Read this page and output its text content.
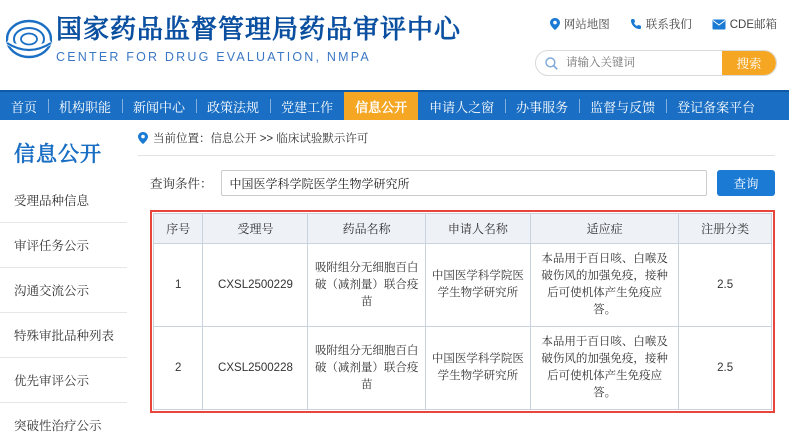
国家药品监督管理局药品审评中心
CENTER FOR DRUG EVALUATION, NMPA
网站地图	联系我们	CDE邮箱
请输入关键词
搜索
首页	机构职能	新闻中心	政策法规	党建工作	信息公开	申请人之窗	办事服务	监督与反馈	登记备案平台
信息公开
受理品种信息
审评任务公示
沟通交流公示
特殊审批品种列表
优先审评公示
突破性治疗公示
当前位置：信息公开 >> 临床试验默示许可
查询条件：
中国医学科学院医学生物学研究所	查询
序号	受理号	药品名称	申请人名称	适应症	注册分类
1	CXSL2500229	吸附组分无细胞百白破（减剂量）联合疫苗	中国医学科学院医学生物学研究所	本品用于百日咳、白喉及破伤风的加强免疫，接种后可使机体产生免疫应答。	2.5
2	CXSL2500228	吸附组分无细胞百白破（减剂量）联合疫苗	中国医学科学院医学生物学研究所	本品用于百日咳、白喉及破伤风的加强免疫，接种后可使机体产生免疫应答。	2.5
